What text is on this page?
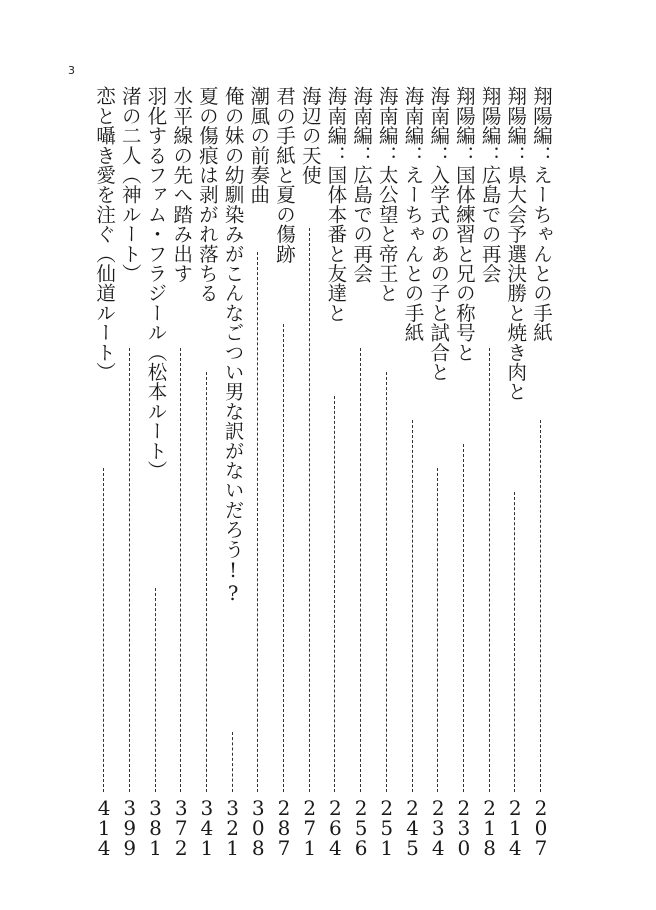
3
翔陽編：えーちゃんとの手紙
2
0
7
翔陽編：県大会予選決勝と焼き肉と
2
1
4
翔陽編：広島での再会
2
1
8
翔陽編：国体練習と兄の称号と
2
3
0
海南編：入学式のあの子と試合と
2
3
4
海南編：えーちゃんとの手紙
2
4
5
海南編：太公望と帝王と
2
5
1
海南編：広島での再会
2
5
6
海南編：国体本番と友達と
2
6
4
海辺の天使
2
7
1
君の手紙と夏の傷跡
2
8
7
潮風の前奏曲
3
0
8
俺の妹の幼馴染みがこんなごつい男な訳がないだろう!?
3
2
1
夏の傷痕は剥がれ落ちる
3
4
1
水平線の先へ踏み出す
3
7
2
羽化するファム・フラジール（松本ルート）
3
8
1
渚の二人（神ルート）
3
9
9
恋と囁き愛を注ぐ（仙道ルート）
4
1
4
